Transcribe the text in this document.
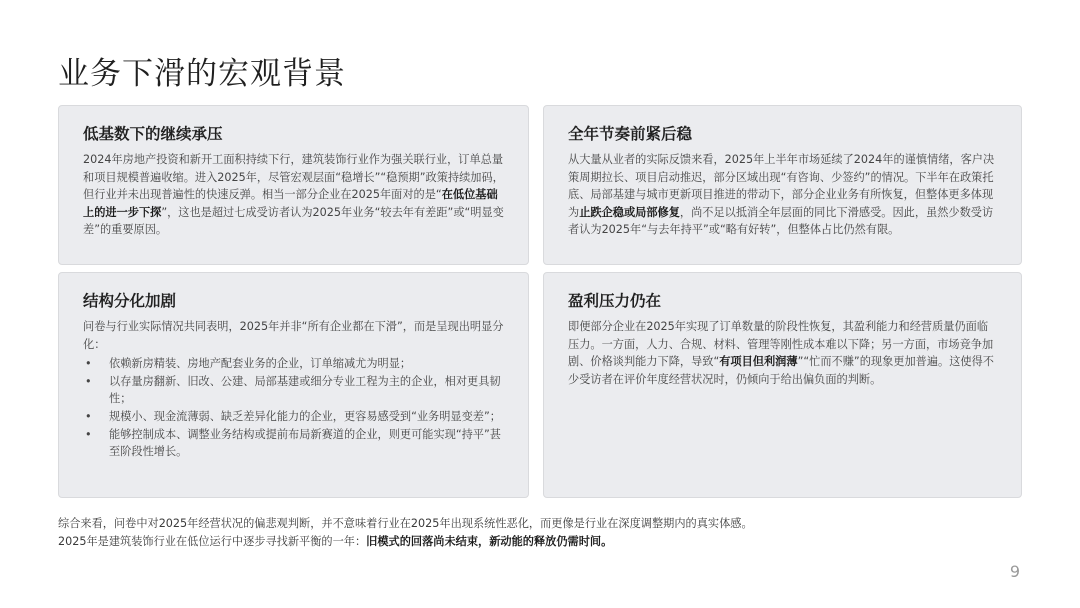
业务下滑的宏观背景
低基数下的继续承压

2024年房地产投资和新开工面积持续下行，建筑装饰行业作为强关联行业，订单总量和项目规模普遍收缩。进入2025年，尽管宏观层面“稳增长”“稳预期”政策持续加码，但行业并未出现普遍性的快速反弹。相当一部分企业在2025年面对的是“在低位基础上的进一步下探”，这也是超过七成受访者认为2025年业务“较去年有差距”或“明显变差”的重要原因。

全年节奏前紧后稳

从大量从业者的实际反馈来看，2025年上半年市场延续了2024年的谨慎情绪，客户决策周期拉长、项目启动推迟，部分区域出现“有咨询、少签约”的情况。下半年在政策托底、局部基建与城市更新项目推进的带动下，部分企业业务有所恢复，但整体更多体现为止跌企稳或局部修复，尚不足以抵消全年层面的同比下滑感受。因此，虽然少数受访者认为2025年“与去年持平”或“略有好转”，但整体占比仍然有限。

结构分化加剧

问卷与行业实际情况共同表明，2025年并非“所有企业都在下滑”，而是呈现出明显分化：

• 依赖新房精装、房地产配套业务的企业，订单缩减尤为明显；
• 以存量房翻新、旧改、公建、局部基建或细分专业工程为主的企业，相对更具韧性；
• 规模小、现金流薄弱、缺乏差异化能力的企业，更容易感受到“业务明显变差”；
• 能够控制成本、调整业务结构或提前布局新赛道的企业，则更可能实现“持平”甚至阶段性增长。
盈利压力仍在

即便部分企业在2025年实现了订单数量的阶段性恢复，其盈利能力和经营质量仍面临压力。一方面，人力、合规、材料、管理等刚性成本难以下降；另一方面，市场竞争加剧、价格谈判能力下降，导致“有项目但利润薄”“忙而不赚”的现象更加普遍。这使得不少受访者在评价年度经营状况时，仍倾向于给出偏负面的判断。

综合来看，问卷中对2025年经营状况的偏悲观判断，并不意味着行业在2025年出现系统性恶化，而更像是行业在深度调整期内的真实体感。
2025年是建筑装饰行业在低位运行中逐步寻找新平衡的一年：旧模式的回落尚未结束，新动能的释放仍需时间。
9
